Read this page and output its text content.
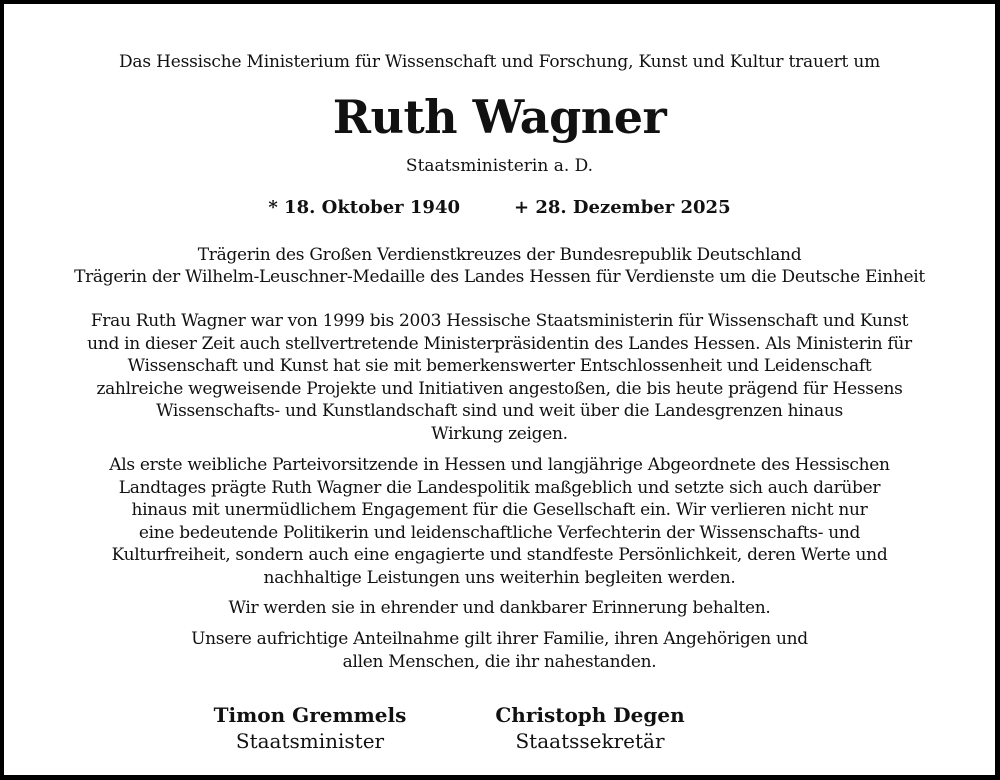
Das Hessische Ministerium für Wissenschaft und Forschung, Kunst und Kultur trauert um
Ruth Wagner
Staatsministerin a. D.
* 18. Oktober 1940	+ 28. Dezember 2025
Trägerin des Großen Verdienstkreuzes der Bundesrepublik Deutschland
Trägerin der Wilhelm-Leuschner-Medaille des Landes Hessen für Verdienste um die Deutsche Einheit
Frau Ruth Wagner war von 1999 bis 2003 Hessische Staatsministerin für Wissenschaft und Kunst
und in dieser Zeit auch stellvertretende Ministerpräsidentin des Landes Hessen. Als Ministerin für
Wissenschaft und Kunst hat sie mit bemerkenswerter Entschlossenheit und Leidenschaft
zahlreiche wegweisende Projekte und Initiativen angestoßen, die bis heute prägend für Hessens
Wissenschafts- und Kunstlandschaft sind und weit über die Landesgrenzen hinaus
Wirkung zeigen.
Als erste weibliche Parteivorsitzende in Hessen und langjährige Abgeordnete des Hessischen
Landtages prägte Ruth Wagner die Landespolitik maßgeblich und setzte sich auch darüber
hinaus mit unermüdlichem Engagement für die Gesellschaft ein. Wir verlieren nicht nur
eine bedeutende Politikerin und leidenschaftliche Verfechterin der Wissenschafts- und
Kulturfreiheit, sondern auch eine engagierte und standfeste Persönlichkeit, deren Werte und
nachhaltige Leistungen uns weiterhin begleiten werden.
Wir werden sie in ehrender und dankbarer Erinnerung behalten.
Unsere aufrichtige Anteilnahme gilt ihrer Familie, ihren Angehörigen und
allen Menschen, die ihr nahestanden.
Timon Gremmels
Staatsminister
Christoph Degen
Staatssekretär
